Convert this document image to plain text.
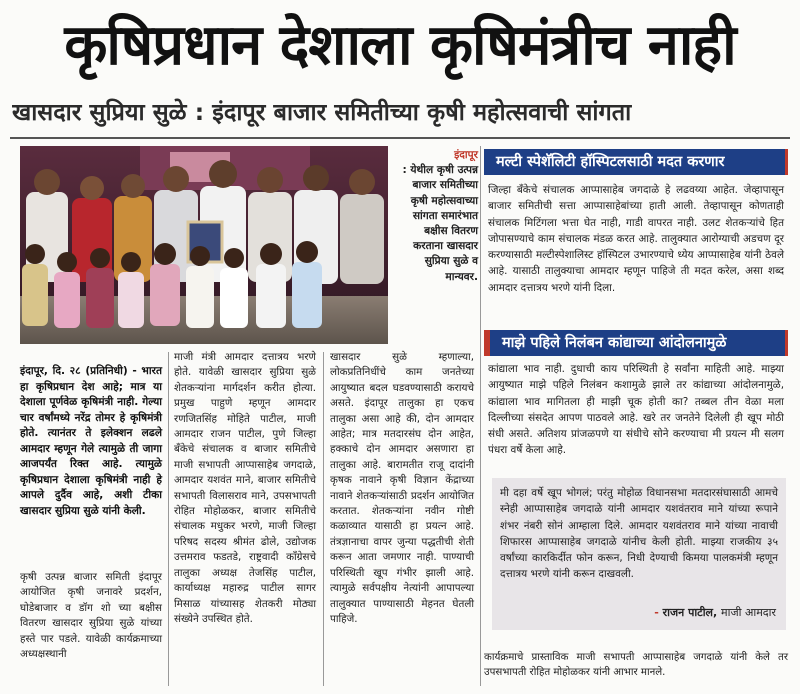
कृषिप्रधान देशाला कृषिमंत्रीच नाही
खासदार सुप्रिया सुळे : इंदापूर बाजार समितीच्या कृषी महोत्सवाची सांगता
इंदापूर
: येथील कृषी उत्पन्न बाजार समितीच्या कृषी महोत्सवाच्या सांगता समारंभात बक्षीस वितरण करताना खासदार सुप्रिया सुळे व मान्यवर.
मल्टी स्पेशॅलिटी हॉस्पिटलसाठी मदत करणार
जिल्हा बँकेचे संचालक आप्पासाहेब जगदाळे हे लढवय्या आहेत. जेव्हापासून बाजार समितीची सत्ता आप्पासाहेबांच्या हाती आली. तेव्हापासून कोणताही संचालक मिटिंगला भत्ता घेत नाही, गाडी वापरत नाही. उलट शेतकऱ्यांचे हित जोपासण्याचे काम संचालक मंडळ करत आहे. तालुक्यात आरोग्याची अडचण दूर करण्यासाठी मल्टीस्पेशालिस्ट हॉस्पिटल उभारण्याचे ध्येय आप्पासाहेब यांनी ठेवले आहे. यासाठी तालुक्याचा आमदार म्हणून पाहिजे ती मदत करेल, असा शब्द आमदार दत्तात्रय भरणे यांनी दिला.
माझे पहिले निलंबन कांद्याच्या आंदोलनामुळे
कांद्याला भाव नाही. दुधाची काय परिस्थिती हे सर्वांना माहिती आहे. माझ्या आयुष्यात माझे पहिले निलंबन कशामुळे झाले तर कांद्याच्या आंदोलनामुळे, कांद्याला भाव मागितला ही माझी चूक होती का? तब्बल तीन वेळा मला दिल्लीच्या संसदेत आपण पाठवले आहे. खरे तर जनतेने दिलेली ही खूप मोठी संधी असते. अतिशय प्रांजळपणे या संधीचे सोने करण्याचा मी प्रयत्न मी सलग पंधरा वर्षे केला आहे.
मी दहा वर्षे खूप भोगलं; परंतु मोहोळ विधानसभा मतदारसंघासाठी आमचे स्नेही आप्पासाहेब जगदाळे यांनी आमदार यशवंतराव माने यांच्या रूपाने शंभर नंबरी सोनं आम्हाला दिले. आमदार यशवंतराव माने यांच्या नावाची शिफारस आप्पासाहेब जगदाळे यांनीच केली होती. माझ्या राजकीय ३५ वर्षांच्या कारकिर्दीत फोन करून, निधी देण्याची किमया पालकमंत्री म्हणून दत्तात्रय भरणे यांनी करून दाखवली.
- राजन पाटील, माजी आमदार
कार्यक्रमाचे प्रास्ताविक माजी सभापती आप्पासाहेब जगदाळे यांनी केले तर उपसभापती रोहित मोहोळकर यांनी आभार मानले.
इंदापूर, दि. २८ (प्रतिनिधी) - भारत हा कृषिप्रधान देश आहे; मात्र या देशाला पूर्णवेळ कृषिमंत्री नाही. गेल्या चार वर्षांमध्ये नरेंद्र तोमर हे कृषिमंत्री होते. त्यानंतर ते इलेक्शन लढले आमदार म्हणून गेले त्यामुळे ती जागा आजपर्यंत रिक्त आहे. त्यामुळे कृषिप्रधान देशाला कृषिमंत्री नाही हे आपले दुर्दैव आहे, अशी टीका खासदार सुप्रिया सुळे यांनी केली.
कृषी उत्पन्न बाजार समिती इंदापूर आयोजित कृषी जनावरे प्रदर्शन, घोडेबाजार व डॉग शो च्या बक्षीस वितरण खासदार सुप्रिया सुळे यांच्या हस्ते पार पडले. यावेळी कार्यक्रमाच्या अध्यक्षस्थानी
माजी मंत्री आमदार दत्तात्रय भरणे होते. यावेळी खासदार सुप्रिया सुळे शेतकऱ्यांना मार्गदर्शन करीत होत्या. प्रमुख पाहुणे म्हणून आमदार रणजितसिंह मोहिते पाटील, माजी आमदार राजन पाटील, पुणे जिल्हा बँकेचे संचालक व बाजार समितीचे माजी सभापती आप्पासाहेब जगदाळे, आमदार यशवंत माने, बाजार समितीचे सभापती विलासराव माने, उपसभापती रोहित मोहोळकर, बाजार समितीचे संचालक मधुकर भरणे, माजी जिल्हा परिषद सदस्य श्रीमंत ढोले, उद्योजक उत्तमराव फडतडे, राष्ट्रवादी काँग्रेसचे तालुका अध्यक्ष तेजसिंह पाटील, कार्याध्यक्ष महारुद्र पाटील सागर मिसाळ यांच्यासह शेतकरी मोठ्या संख्येने उपस्थित होते.
खासदार सुळे म्हणाल्या, लोकप्रतिनिधींचे काम जनतेच्या आयुष्यात बदल घडवण्यासाठी करायचे असते. इंदापूर तालुका हा एकच तालुका असा आहे की, दोन आमदार आहेत; मात्र मतदारसंघ दोन आहेत, हक्काचे दोन आमदार असणारा हा तालुका आहे. बारामतीत राजू दादांनी कृषक नावाने कृषी विज्ञान केंद्राच्या नावाने शेतकऱ्यांसाठी प्रदर्शन आयोजित करतात. शेतकऱ्यांना नवीन गोष्टी कळाव्यात यासाठी हा प्रयत्न आहे. तंत्रज्ञानाचा वापर जुन्या पद्धतीची शेती करून आता जमणार नाही. पाण्याची परिस्थिती खूप गंभीर झाली आहे. त्यामुळे सर्वपक्षीय नेत्यांनी आपापल्या तालुक्यात पाण्यासाठी मेहनत घेतली पाहिजे.
